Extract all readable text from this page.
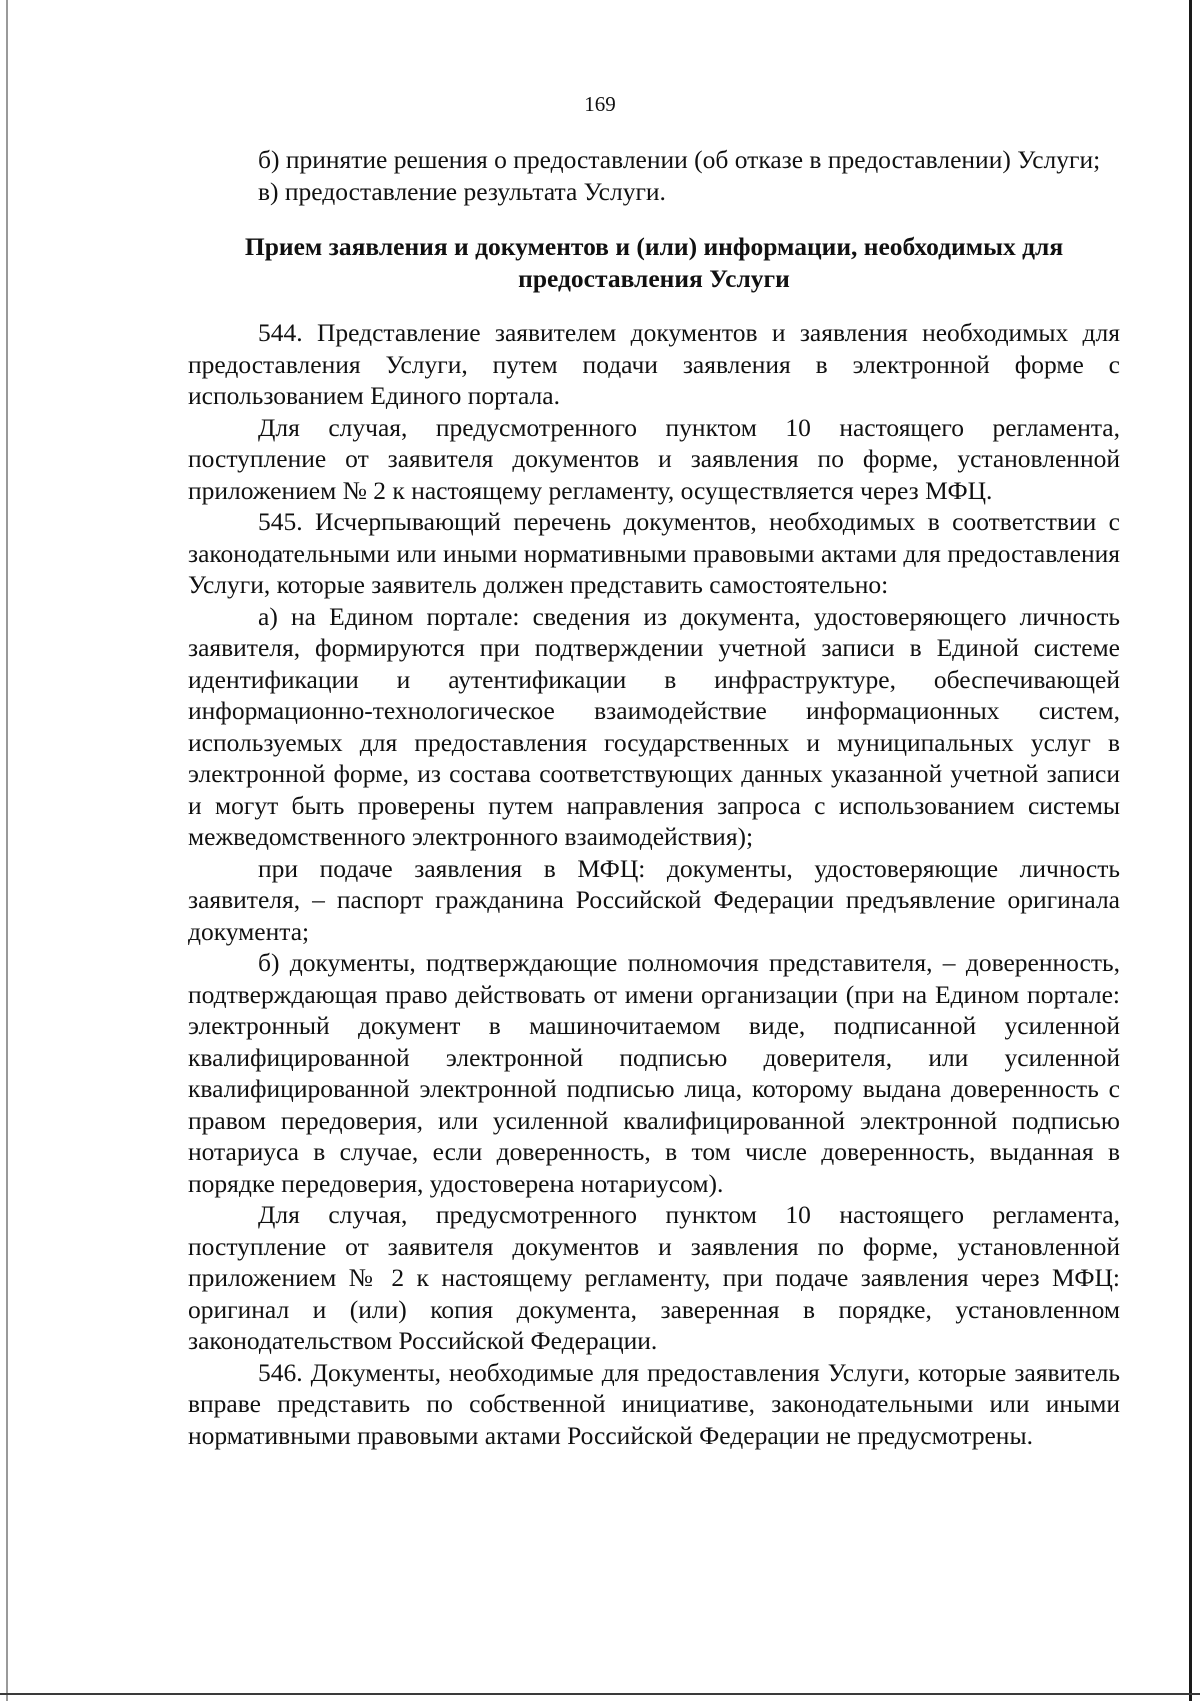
169

б) принятие решения о предоставлении (об отказе в предоставлении) Услуги;

в) предоставление результата Услуги.

Прием заявления и документов и (или) информации, необходимых для предоставления Услуги

544. Представление заявителем документов и заявления необходимых для предоставления Услуги, путем подачи заявления в электронной форме с использованием Единого портала.

Для случая, предусмотренного пунктом 10 настоящего регламента, поступление от заявителя документов и заявления по форме, установленной приложением № 2 к настоящему регламенту, осуществляется через МФЦ.

545. Исчерпывающий перечень документов, необходимых в соответствии с законодательными или иными нормативными правовыми актами для предоставления Услуги, которые заявитель должен представить самостоятельно:

а) на Едином портале: сведения из документа, удостоверяющего личность заявителя, формируются при подтверждении учетной записи в Единой системе идентификации и аутентификации в инфраструктуре, обеспечивающей информационно-технологическое взаимодействие информационных систем, используемых для предоставления государственных и муниципальных услуг в электронной форме, из состава соответствующих данных указанной учетной записи и могут быть проверены путем направления запроса с использованием системы межведомственного электронного взаимодействия);

при подаче заявления в МФЦ: документы, удостоверяющие личность заявителя, – паспорт гражданина Российской Федерации предъявление оригинала документа;

б) документы, подтверждающие полномочия представителя, – доверенность, подтверждающая право действовать от имени организации (при на Едином портале: электронный документ в машиночитаемом виде, подписанной усиленной квалифицированной электронной подписью доверителя, или усиленной квалифицированной электронной подписью лица, которому выдана доверенность с правом передоверия, или усиленной квалифицированной электронной подписью нотариуса в случае, если доверенность, в том числе доверенность, выданная в порядке передоверия, удостоверена нотариусом).

Для случая, предусмотренного пунктом 10 настоящего регламента, поступление от заявителя документов и заявления по форме, установленной приложением № 2 к настоящему регламенту, при подаче заявления через МФЦ: оригинал и (или) копия документа, заверенная в порядке, установленном законодательством Российской Федерации.

546. Документы, необходимые для предоставления Услуги, которые заявитель вправе представить по собственной инициативе, законодательными или иными нормативными правовыми актами Российской Федерации не предусмотрены.
